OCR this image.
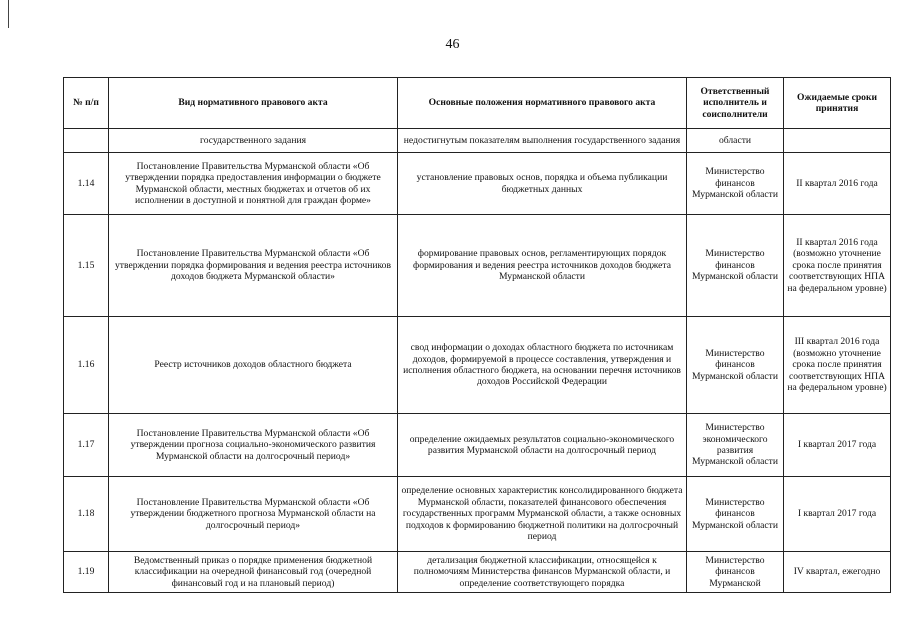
46
№ п/п	Вид нормативного правового акта	Основные положения нормативного правового акта	Ответственный исполнитель и соисполнители	Ожидаемые сроки принятия
	государственного задания	недостигнутым показателям выполнения государственного задания	области	
1.14	Постановление Правительства Мурманской области «Об утверждении порядка предоставления информации о бюджете Мурманской области, местных бюджетах и отчетов об их исполнении в доступной и понятной для граждан форме»	установление правовых основ, порядка и объема публикации бюджетных данных	Министерство финансов Мурманской области	II квартал 2016 года
1.15	Постановление Правительства Мурманской области «Об утверждении порядка формирования и ведения реестра источников доходов бюджета Мурманской области»	формирование правовых основ, регламентирующих порядок формирования и ведения реестра источников доходов бюджета Мурманской области	Министерство финансов Мурманской области	II квартал 2016 года (возможно уточнение срока после принятия соответствующих НПА на федеральном уровне)
1.16	Реестр источников доходов областного бюджета	свод информации о доходах областного бюджета по источникам доходов, формируемой в процессе составления, утверждения и исполнения областного бюджета, на основании перечня источников доходов Российской Федерации	Министерство финансов Мурманской области	III квартал 2016 года (возможно уточнение срока после принятия соответствующих НПА на федеральном уровне)
1.17	Постановление Правительства Мурманской области «Об утверждении прогноза социально-экономического развития Мурманской области на долгосрочный период»	определение ожидаемых результатов социально-экономического развития Мурманской области на долгосрочный период	Министерство экономического развития Мурманской области	I квартал 2017 года
1.18	Постановление Правительства Мурманской области «Об утверждении бюджетного прогноза Мурманской области на долгосрочный период»	определение основных характеристик консолидированного бюджета Мурманской области, показателей финансового обеспечения государственных программ Мурманской области, а также основных подходов к формированию бюджетной политики на долгосрочный период	Министерство финансов Мурманской области	I квартал 2017 года
1.19	Ведомственный приказ о порядке применения бюджетной классификации на очередной финансовый год (очередной финансовый год и на плановый период)	детализация бюджетной классификации, относящейся к полномочиям Министерства финансов Мурманской области, и определение соответствующего порядка	Министерство финансов Мурманской	IV квартал, ежегодно
